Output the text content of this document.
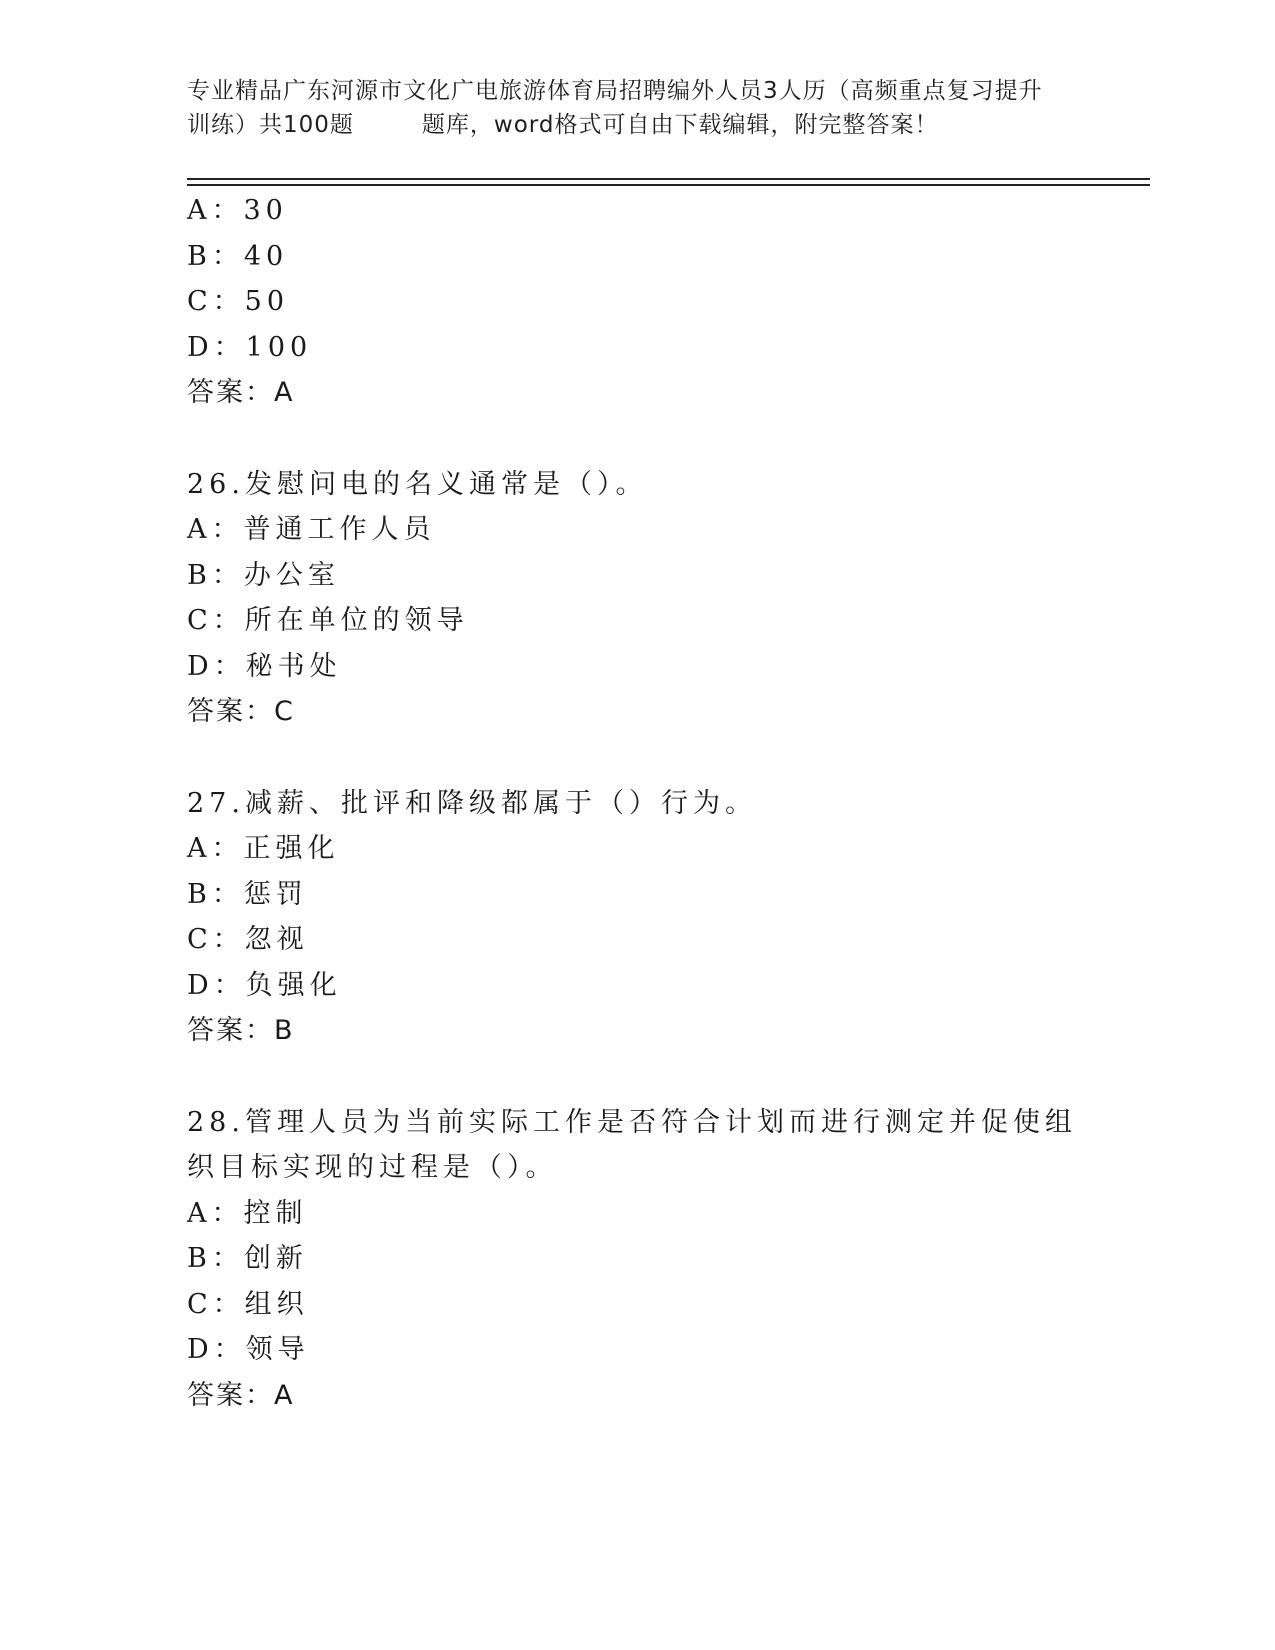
专业精品广东河源市文化广电旅游体育局招聘编外人员3人历（高频重点复习提升
训练）共100题	题库，word格式可自由下载编辑，附完整答案！
A：30
B：40
C：50
D：100
答案：A
26.发慰问电的名义通常是（）。
A：普通工作人员
B：办公室
C：所在单位的领导
D：秘书处
答案：C
27.减薪、批评和降级都属于（）行为。
A：正强化
B：惩罚
C：忽视
D：负强化
答案：B
28.管理人员为当前实际工作是否符合计划而进行测定并促使组织目标实现的过程是（）。
A：控制
B：创新
C：组织
D：领导
答案：A
